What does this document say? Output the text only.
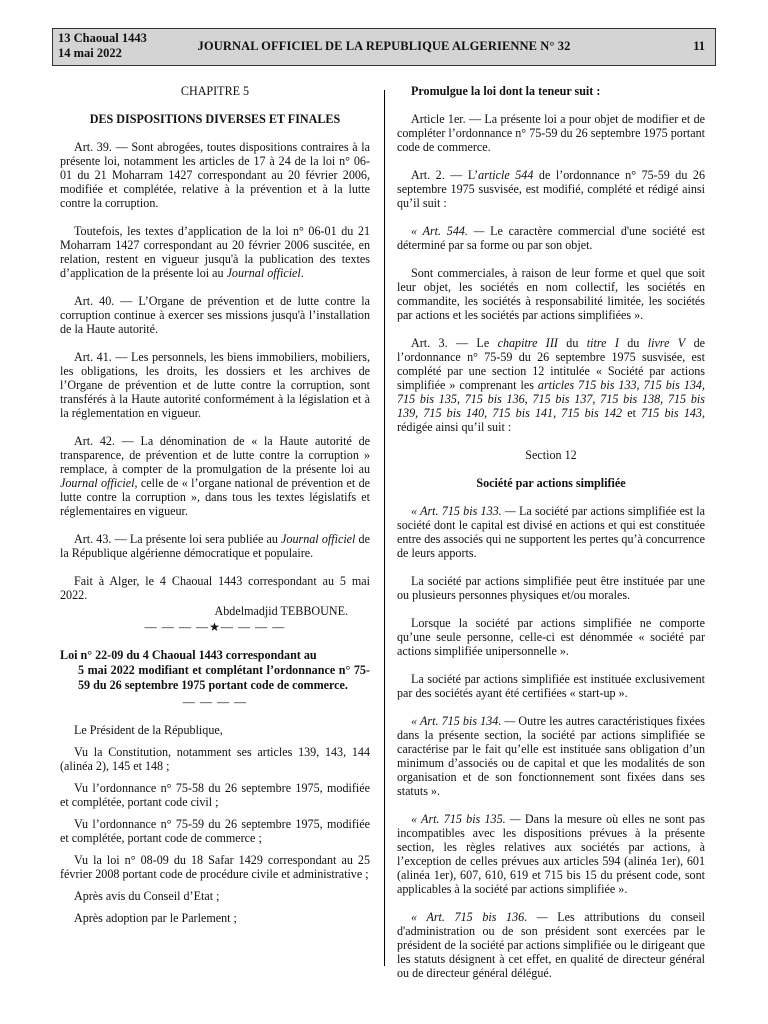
13 Chaoual 1443
14 mai 2022	JOURNAL OFFICIEL DE LA REPUBLIQUE ALGERIENNE N° 32	11

CHAPITRE 5

DES DISPOSITIONS DIVERSES ET FINALES

Art. 39. — Sont abrogées, toutes dispositions contraires à la présente loi, notamment les articles de 17 à 24 de la loi n° 06-01 du 21 Moharram 1427 correspondant au 20 février 2006, modifiée et complétée, relative à la prévention et à la lutte contre la corruption.

Toutefois, les textes d’application de la loi n° 06-01 du 21 Moharram 1427 correspondant au 20 février 2006 suscitée, en relation, restent en vigueur jusqu'à la publication des textes d’application de la présente loi au Journal officiel.

Art. 40. — L’Organe de prévention et de lutte contre la corruption continue à exercer ses missions jusqu'à l’installation de la Haute autorité.

Art. 41. — Les personnels, les biens immobiliers, mobiliers, les obligations, les droits, les dossiers et les archives de l’Organe de prévention et de lutte contre la corruption, sont transférés à la Haute autorité conformément à la législation et à la réglementation en vigueur.

Art. 42. — La dénomination de « la Haute autorité de transparence, de prévention et de lutte contre la corruption » remplace, à compter de la promulgation de la présente loi au Journal officiel, celle de « l’organe national de prévention et de lutte contre la corruption », dans tous les textes législatifs et réglementaires en vigueur.

Art. 43. — La présente loi sera publiée au Journal officiel de la République algérienne démocratique et populaire.

Fait à Alger, le 4 Chaoual 1443 correspondant au 5 mai 2022.

Abdelmadjid TEBBOUNE.

— — — —★— — — —

Loi n° 22-09 du 4 Chaoual 1443 correspondant au
5 mai 2022 modifiant et complétant l’ordonnance n° 75-59 du 26 septembre 1975 portant code de commerce.

— — — —

Le Président de la République,

Vu la Constitution, notamment ses articles 139, 143, 144 (alinéa 2), 145 et 148 ;

Vu l’ordonnance n° 75-58 du 26 septembre 1975, modifiée et complétée, portant code civil ;

Vu l’ordonnance n° 75-59 du 26 septembre 1975, modifiée et complétée, portant code de commerce ;

Vu la loi n° 08-09 du 18 Safar 1429 correspondant au 25 février 2008 portant code de procédure civile et administrative ;

Après avis du Conseil d’Etat ;

Après adoption par le Parlement ;

Promulgue la loi dont la teneur suit :

Article 1er. — La présente loi a pour objet de modifier et de compléter l’ordonnance n° 75-59 du 26 septembre 1975 portant code de commerce.

Art. 2. — L’article 544 de l’ordonnance n° 75-59 du 26 septembre 1975 susvisée, est modifié, complété et rédigé ainsi qu’il suit :

« Art. 544. — Le caractère commercial d'une société est déterminé par sa forme ou par son objet.

Sont commerciales, à raison de leur forme et quel que soit leur objet, les sociétés en nom collectif, les sociétés en commandite, les sociétés à responsabilité limitée, les sociétés par actions et les sociétés par actions simplifiées ».

Art. 3. — Le chapitre III du titre I du livre V de l’ordonnance n° 75-59 du 26 septembre 1975 susvisée, est complété par une section 12 intitulée « Société par actions simplifiée » comprenant les articles 715 bis 133, 715 bis 134, 715 bis 135, 715 bis 136, 715 bis 137, 715 bis 138, 715 bis 139, 715 bis 140, 715 bis 141, 715 bis 142 et 715 bis 143, rédigée ainsi qu’il suit :

Section 12

Société par actions simplifiée

« Art. 715 bis 133. — La société par actions simplifiée est la société dont le capital est divisé en actions et qui est constituée entre des associés qui ne supportent les pertes qu’à concurrence de leurs apports.

La société par actions simplifiée peut être instituée par une ou plusieurs personnes physiques et/ou morales.

Lorsque la société par actions simplifiée ne comporte qu’une seule personne, celle-ci est dénommée « société par actions simplifiée unipersonnelle ».

La société par actions simplifiée est instituée exclusivement par des sociétés ayant été certifiées « start-up ».

« Art. 715 bis 134. — Outre les autres caractéristiques fixées dans la présente section, la société par actions simplifiée se caractérise par le fait qu’elle est instituée sans obligation d’un minimum d’associés ou de capital et que les modalités de son organisation et de son fonctionnement sont fixées dans ses statuts ».

« Art. 715 bis 135. — Dans la mesure où elles ne sont pas incompatibles avec les dispositions prévues à la présente section, les règles relatives aux sociétés par actions, à l’exception de celles prévues aux articles 594 (alinéa 1er), 601 (alinéa 1er), 607, 610, 619 et 715 bis 15 du présent code, sont applicables à la société par actions simplifiée ».

« Art. 715 bis 136. — Les attributions du conseil d'administration ou de son président sont exercées par le président de la société par actions simplifiée ou le dirigeant que les statuts désignent à cet effet, en qualité de directeur général ou de directeur général délégué.
